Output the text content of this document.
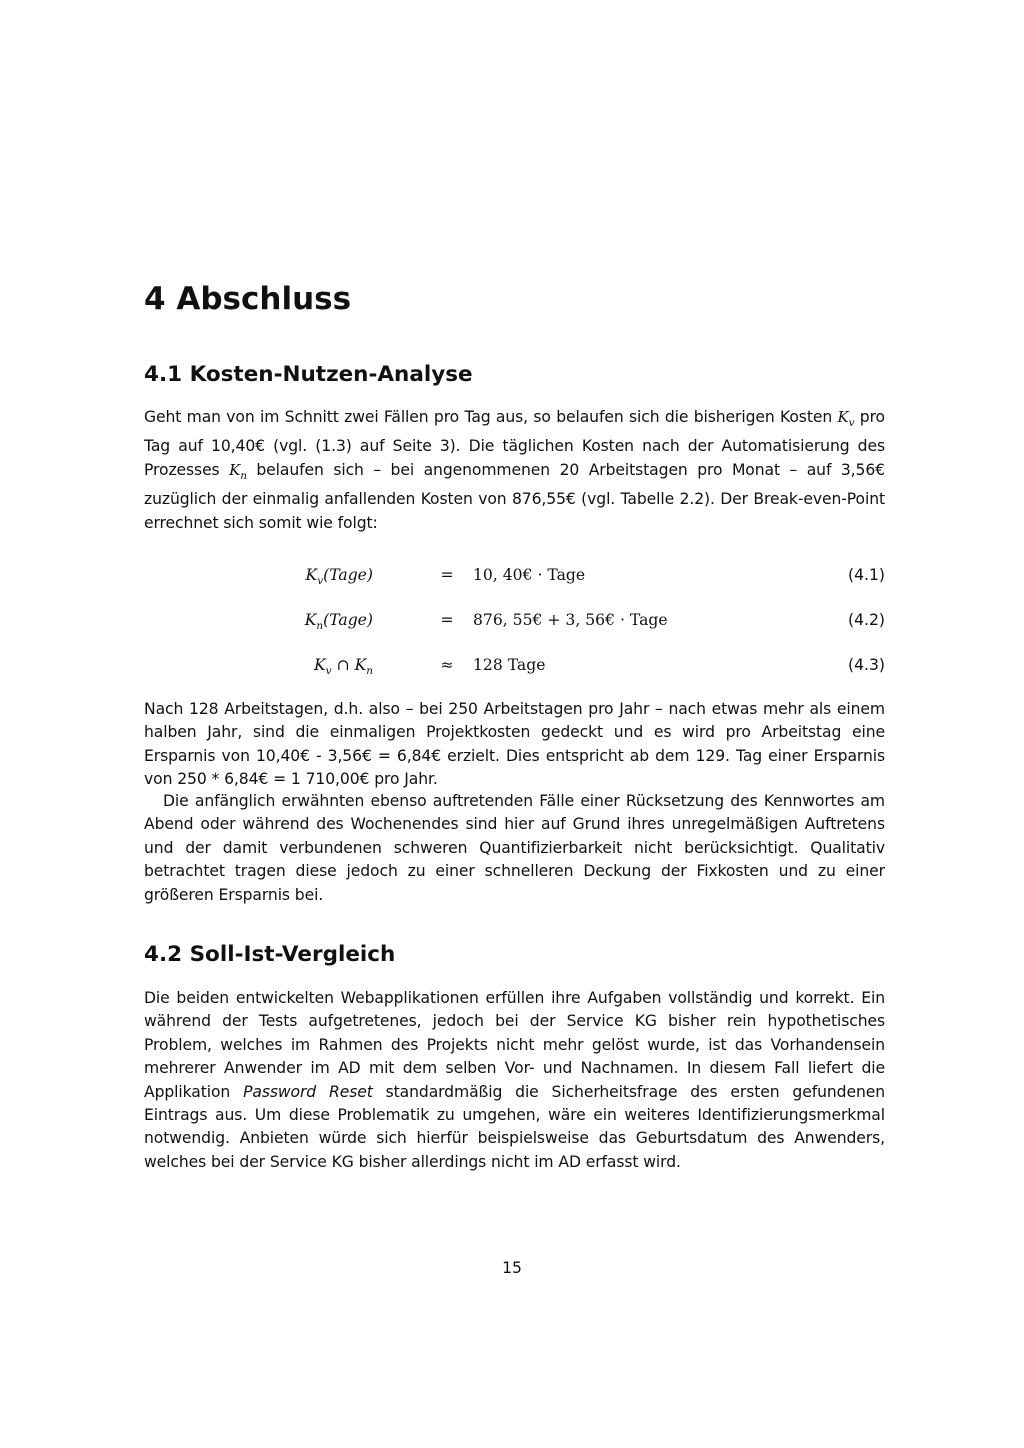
4 Abschluss
4.1 Kosten-Nutzen-Analyse

Geht man von im Schnitt zwei Fällen pro Tag aus, so belaufen sich die bisherigen Kosten $K_v$ pro Tag auf 10,40€ (vgl. (1.3) auf Seite 3). Die täglichen Kosten nach der Automatisierung des Prozesses $K_n$ belaufen sich – bei angenommenen 20 Arbeitstagen pro Monat – auf 3,56€ zuzüglich der einmalig anfallenden Kosten von 876,55€ (vgl. Tabelle 2.2). Der Break-even-Point errechnet sich somit wie folgt:

$K_v(Tage)$	= 10, 40€ · Tage	(4.1)
$K_n(Tage)$	= 876, 55€ + 3, 56€ · Tage	(4.2)
$K_v$ ∩ $K_n$	≈ 128 Tage	(4.3)

Nach 128 Arbeitstagen, d.h. also – bei 250 Arbeitstagen pro Jahr – nach etwas mehr als einem halben Jahr, sind die einmaligen Projektkosten gedeckt und es wird pro Arbeitstag eine Ersparnis von 10,40€ - 3,56€ = 6,84€ erzielt. Dies entspricht ab dem 129. Tag einer Ersparnis von 250 * 6,84€ = 1 710,00€ pro Jahr.

Die anfänglich erwähnten ebenso auftretenden Fälle einer Rücksetzung des Kennwortes am Abend oder während des Wochenendes sind hier auf Grund ihres unregelmäßigen Auftretens und der damit verbundenen schweren Quantifizierbarkeit nicht berücksichtigt. Qualitativ betrachtet tragen diese jedoch zu einer schnelleren Deckung der Fixkosten und zu einer größeren Ersparnis bei.

4.2 Soll-Ist-Vergleich

Die beiden entwickelten Webapplikationen erfüllen ihre Aufgaben vollständig und korrekt. Ein während der Tests aufgetretenes, jedoch bei der Service KG bisher rein hypothetisches Problem, welches im Rahmen des Projekts nicht mehr gelöst wurde, ist das Vorhandensein mehrerer Anwender im AD mit dem selben Vor- und Nachnamen. In diesem Fall liefert die Applikation Password Reset standardmäßig die Sicherheitsfrage des ersten gefundenen Eintrags aus. Um diese Problematik zu umgehen, wäre ein weiteres Identifizierungsmerkmal notwendig. Anbieten würde sich hierfür beispielsweise das Geburtsdatum des Anwenders, welches bei der Service KG bisher allerdings nicht im AD erfasst wird.

15
